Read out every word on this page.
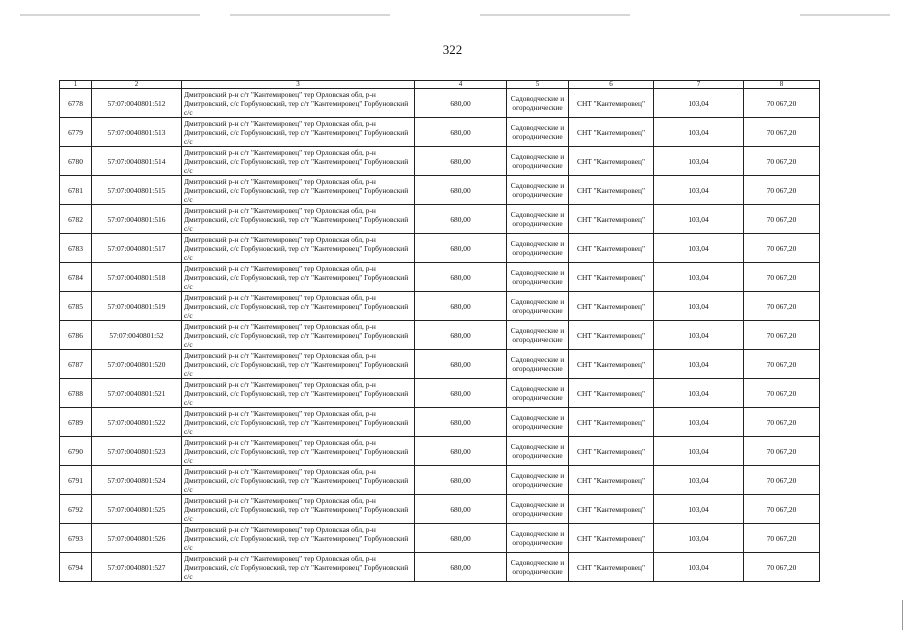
322
1	2	3	4	5	6	7	8
6778	57:07:0040801:512	Дмитровский р-н с/т "Кантемировец" тер Орловская обл, р-н Дмитровский, с/с Горбуновский, тер с/т "Кантемировец" Горбуновский с/с	680,00	Садоводческие и огороднические	СНТ "Кантемировец"	103,04	70 067,20
6779	57:07:0040801:513	Дмитровский р-н с/т "Кантемировец" тер Орловская обл, р-н Дмитровский, с/с Горбуновский, тер с/т "Кантемировец" Горбуновский с/с	680,00	Садоводческие и огороднические	СНТ "Кантемировец"	103,04	70 067,20
6780	57:07:0040801:514	Дмитровский р-н с/т "Кантемировец" тер Орловская обл, р-н Дмитровский, с/с Горбуновский, тер с/т "Кантемировец" Горбуновский с/с	680,00	Садоводческие и огороднические	СНТ "Кантемировец"	103,04	70 067,20
6781	57:07:0040801:515	Дмитровский р-н с/т "Кантемировец" тер Орловская обл, р-н Дмитровский, с/с Горбуновский, тер с/т "Кантемировец" Горбуновский с/с	680,00	Садоводческие и огороднические	СНТ "Кантемировец"	103,04	70 067,20
6782	57:07:0040801:516	Дмитровский р-н с/т "Кантемировец" тер Орловская обл, р-н Дмитровский, с/с Горбуновский, тер с/т "Кантемировец" Горбуновский с/с	680,00	Садоводческие и огороднические	СНТ "Кантемировец"	103,04	70 067,20
6783	57:07:0040801:517	Дмитровский р-н с/т "Кантемировец" тер Орловская обл, р-н Дмитровский, с/с Горбуновский, тер с/т "Кантемировец" Горбуновский с/с	680,00	Садоводческие и огороднические	СНТ "Кантемировец"	103,04	70 067,20
6784	57:07:0040801:518	Дмитровский р-н с/т "Кантемировец" тер Орловская обл, р-н Дмитровский, с/с Горбуновский, тер с/т "Кантемировец" Горбуновский с/с	680,00	Садоводческие и огороднические	СНТ "Кантемировец"	103,04	70 067,20
6785	57:07:0040801:519	Дмитровский р-н с/т "Кантемировец" тер Орловская обл, р-н Дмитровский, с/с Горбуновский, тер с/т "Кантемировец" Горбуновский с/с	680,00	Садоводческие и огороднические	СНТ "Кантемировец"	103,04	70 067,20
6786	57:07:0040801:52	Дмитровский р-н с/т "Кантемировец" тер Орловская обл, р-н Дмитровский, с/с Горбуновский, тер с/т "Кантемировец" Горбуновский с/с	680,00	Садоводческие и огороднические	СНТ "Кантемировец"	103,04	70 067,20
6787	57:07:0040801:520	Дмитровский р-н с/т "Кантемировец" тер Орловская обл, р-н Дмитровский, с/с Горбуновский, тер с/т "Кантемировец" Горбуновский с/с	680,00	Садоводческие и огороднические	СНТ "Кантемировец"	103,04	70 067,20
6788	57:07:0040801:521	Дмитровский р-н с/т "Кантемировец" тер Орловская обл, р-н Дмитровский, с/с Горбуновский, тер с/т "Кантемировец" Горбуновский с/с	680,00	Садоводческие и огороднические	СНТ "Кантемировец"	103,04	70 067,20
6789	57:07:0040801:522	Дмитровский р-н с/т "Кантемировец" тер Орловская обл, р-н Дмитровский, с/с Горбуновский, тер с/т "Кантемировец" Горбуновский с/с	680,00	Садоводческие и огороднические	СНТ "Кантемировец"	103,04	70 067,20
6790	57:07:0040801:523	Дмитровский р-н с/т "Кантемировец" тер Орловская обл, р-н Дмитровский, с/с Горбуновский, тер с/т "Кантемировец" Горбуновский с/с	680,00	Садоводческие и огороднические	СНТ "Кантемировец"	103,04	70 067,20
6791	57:07:0040801:524	Дмитровский р-н с/т "Кантемировец" тер Орловская обл, р-н Дмитровский, с/с Горбуновский, тер с/т "Кантемировец" Горбуновский с/с	680,00	Садоводческие и огороднические	СНТ "Кантемировец"	103,04	70 067,20
6792	57:07:0040801:525	Дмитровский р-н с/т "Кантемировец" тер Орловская обл, р-н Дмитровский, с/с Горбуновский, тер с/т "Кантемировец" Горбуновский с/с	680,00	Садоводческие и огороднические	СНТ "Кантемировец"	103,04	70 067,20
6793	57:07:0040801:526	Дмитровский р-н с/т "Кантемировец" тер Орловская обл, р-н Дмитровский, с/с Горбуновский, тер с/т "Кантемировец" Горбуновский с/с	680,00	Садоводческие и огороднические	СНТ "Кантемировец"	103,04	70 067,20
6794	57:07:0040801:527	Дмитровский р-н с/т "Кантемировец" тер Орловская обл, р-н Дмитровский, с/с Горбуновский, тер с/т "Кантемировец" Горбуновский с/с	680,00	Садоводческие и огороднические	СНТ "Кантемировец"	103,04	70 067,20
